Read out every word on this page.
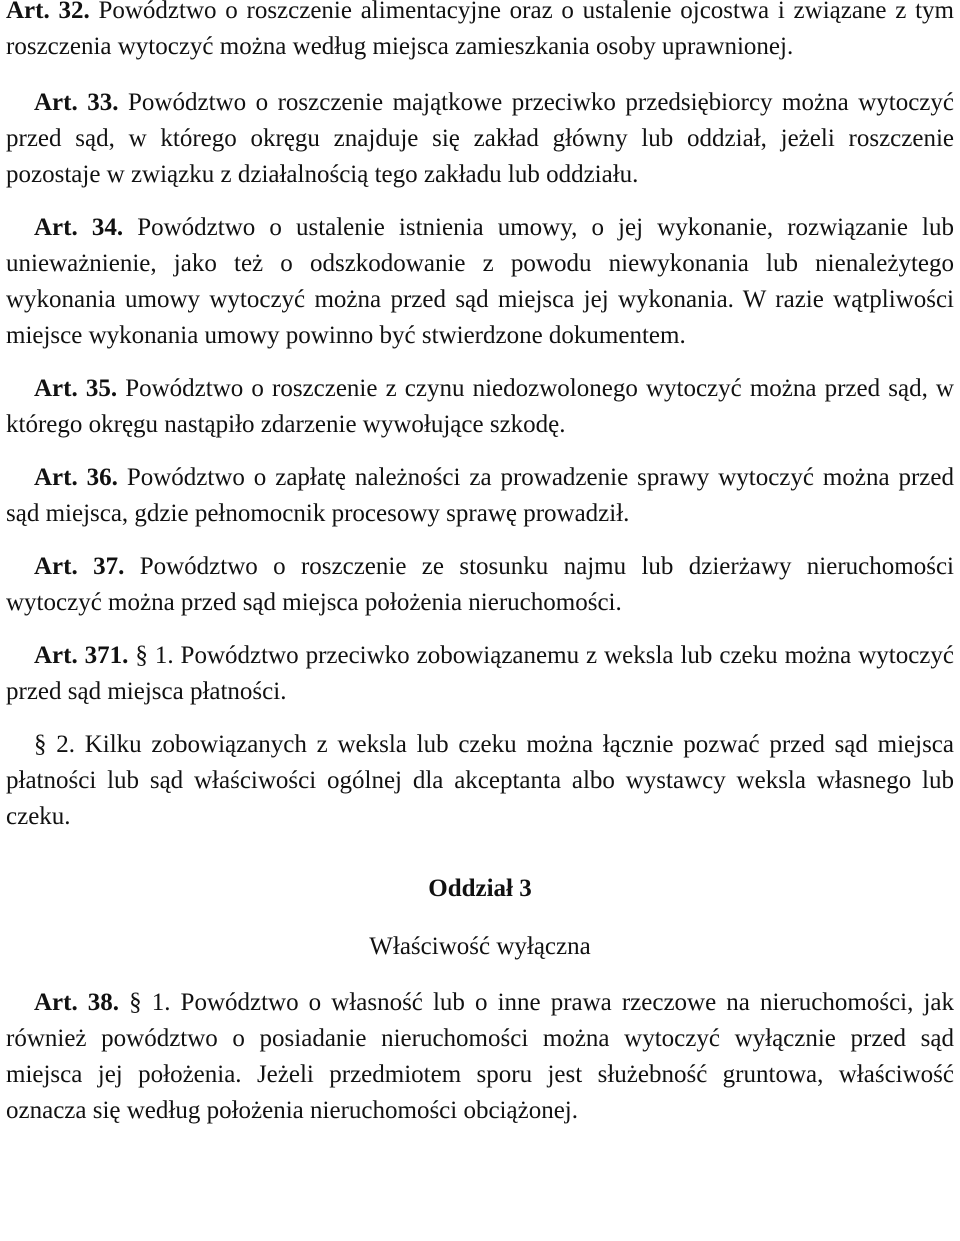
Art. 32. Powództwo o roszczenie alimentacyjne oraz o ustalenie ojcostwa i związane z tym roszczenia wytoczyć można według miejsca zamieszkania osoby uprawnionej.

Art. 33. Powództwo o roszczenie majątkowe przeciwko przedsiębiorcy można wytoczyć przed sąd, w którego okręgu znajduje się zakład główny lub oddział, jeżeli roszczenie pozostaje w związku z działalnością tego zakładu lub oddziału.

Art. 34. Powództwo o ustalenie istnienia umowy, o jej wykonanie, rozwiązanie lub unieważnienie, jako też o odszkodowanie z powodu niewykonania lub nienależytego wykonania umowy wytoczyć można przed sąd miejsca jej wykonania. W razie wątpliwości miejsce wykonania umowy powinno być stwierdzone dokumentem.

Art. 35. Powództwo o roszczenie z czynu niedozwolonego wytoczyć można przed sąd, w którego okręgu nastąpiło zdarzenie wywołujące szkodę.

Art. 36. Powództwo o zapłatę należności za prowadzenie sprawy wytoczyć można przed sąd miejsca, gdzie pełnomocnik procesowy sprawę prowadził.

Art. 37. Powództwo o roszczenie ze stosunku najmu lub dzierżawy nieruchomości wytoczyć można przed sąd miejsca położenia nieruchomości.

Art. 371. § 1. Powództwo przeciwko zobowiązanemu z weksla lub czeku można wytoczyć przed sąd miejsca płatności.

§ 2. Kilku zobowiązanych z weksla lub czeku można łącznie pozwać przed sąd miejsca płatności lub sąd właściwości ogólnej dla akceptanta albo wystawcy weksla własnego lub czeku.

Oddział 3

Właściwość wyłączna

Art. 38. § 1. Powództwo o własność lub o inne prawa rzeczowe na nieruchomości, jak również powództwo o posiadanie nieruchomości można wytoczyć wyłącznie przed sąd miejsca jej położenia. Jeżeli przedmiotem sporu jest służebność gruntowa, właściwość oznacza się według położenia nieruchomości obciążonej.
